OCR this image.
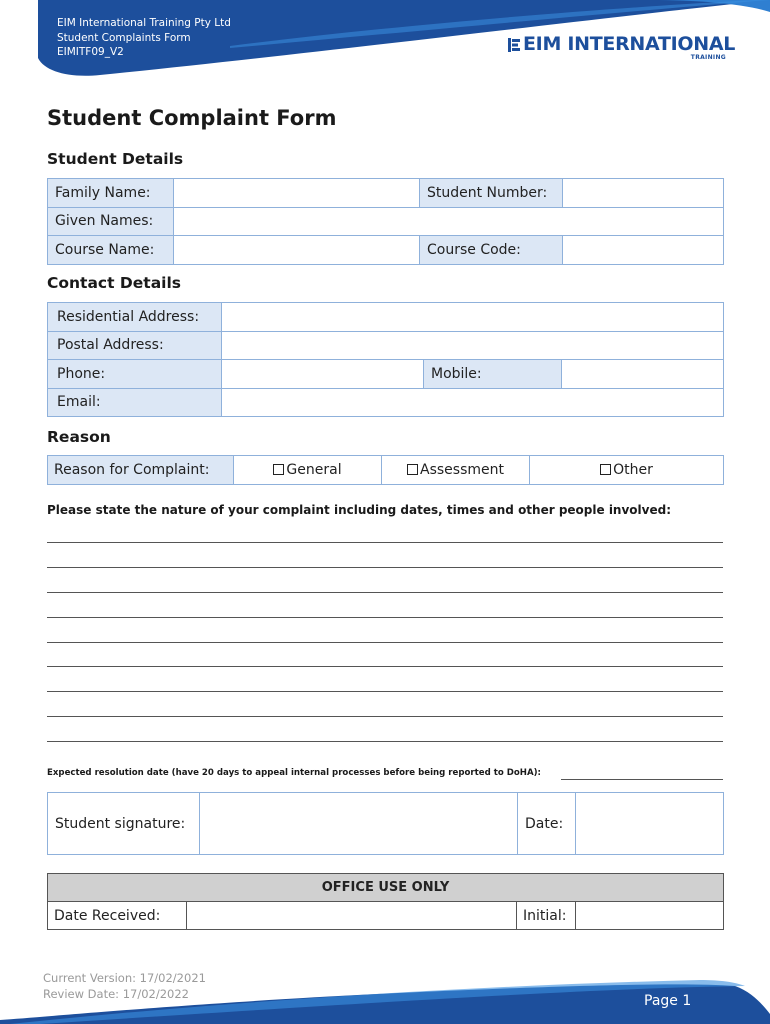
EIM International Training Pty Ltd
Student Complaints Form
EIMITF09_V2	EIM INTERNATIONAL
TRAINING
Student Complaint Form
Student Details
Family Name:		Student Number:	
Given Names:			
Course Name:		Course Code:	
Contact Details
Residential Address:			
Postal Address:			
Phone:		Mobile:	
Email:			
Reason
Reason for Complaint:	General	Assessment	Other
Please state the nature of your complaint including dates, times and other people involved:
Expected resolution date (have 20 days to appeal internal processes before being reported to DoHA):
Student signature:		Date:	
OFFICE USE ONLY
Date Received:		Initial:	
Current Version: 17/02/2021
Review Date: 17/02/2022	Page 1
